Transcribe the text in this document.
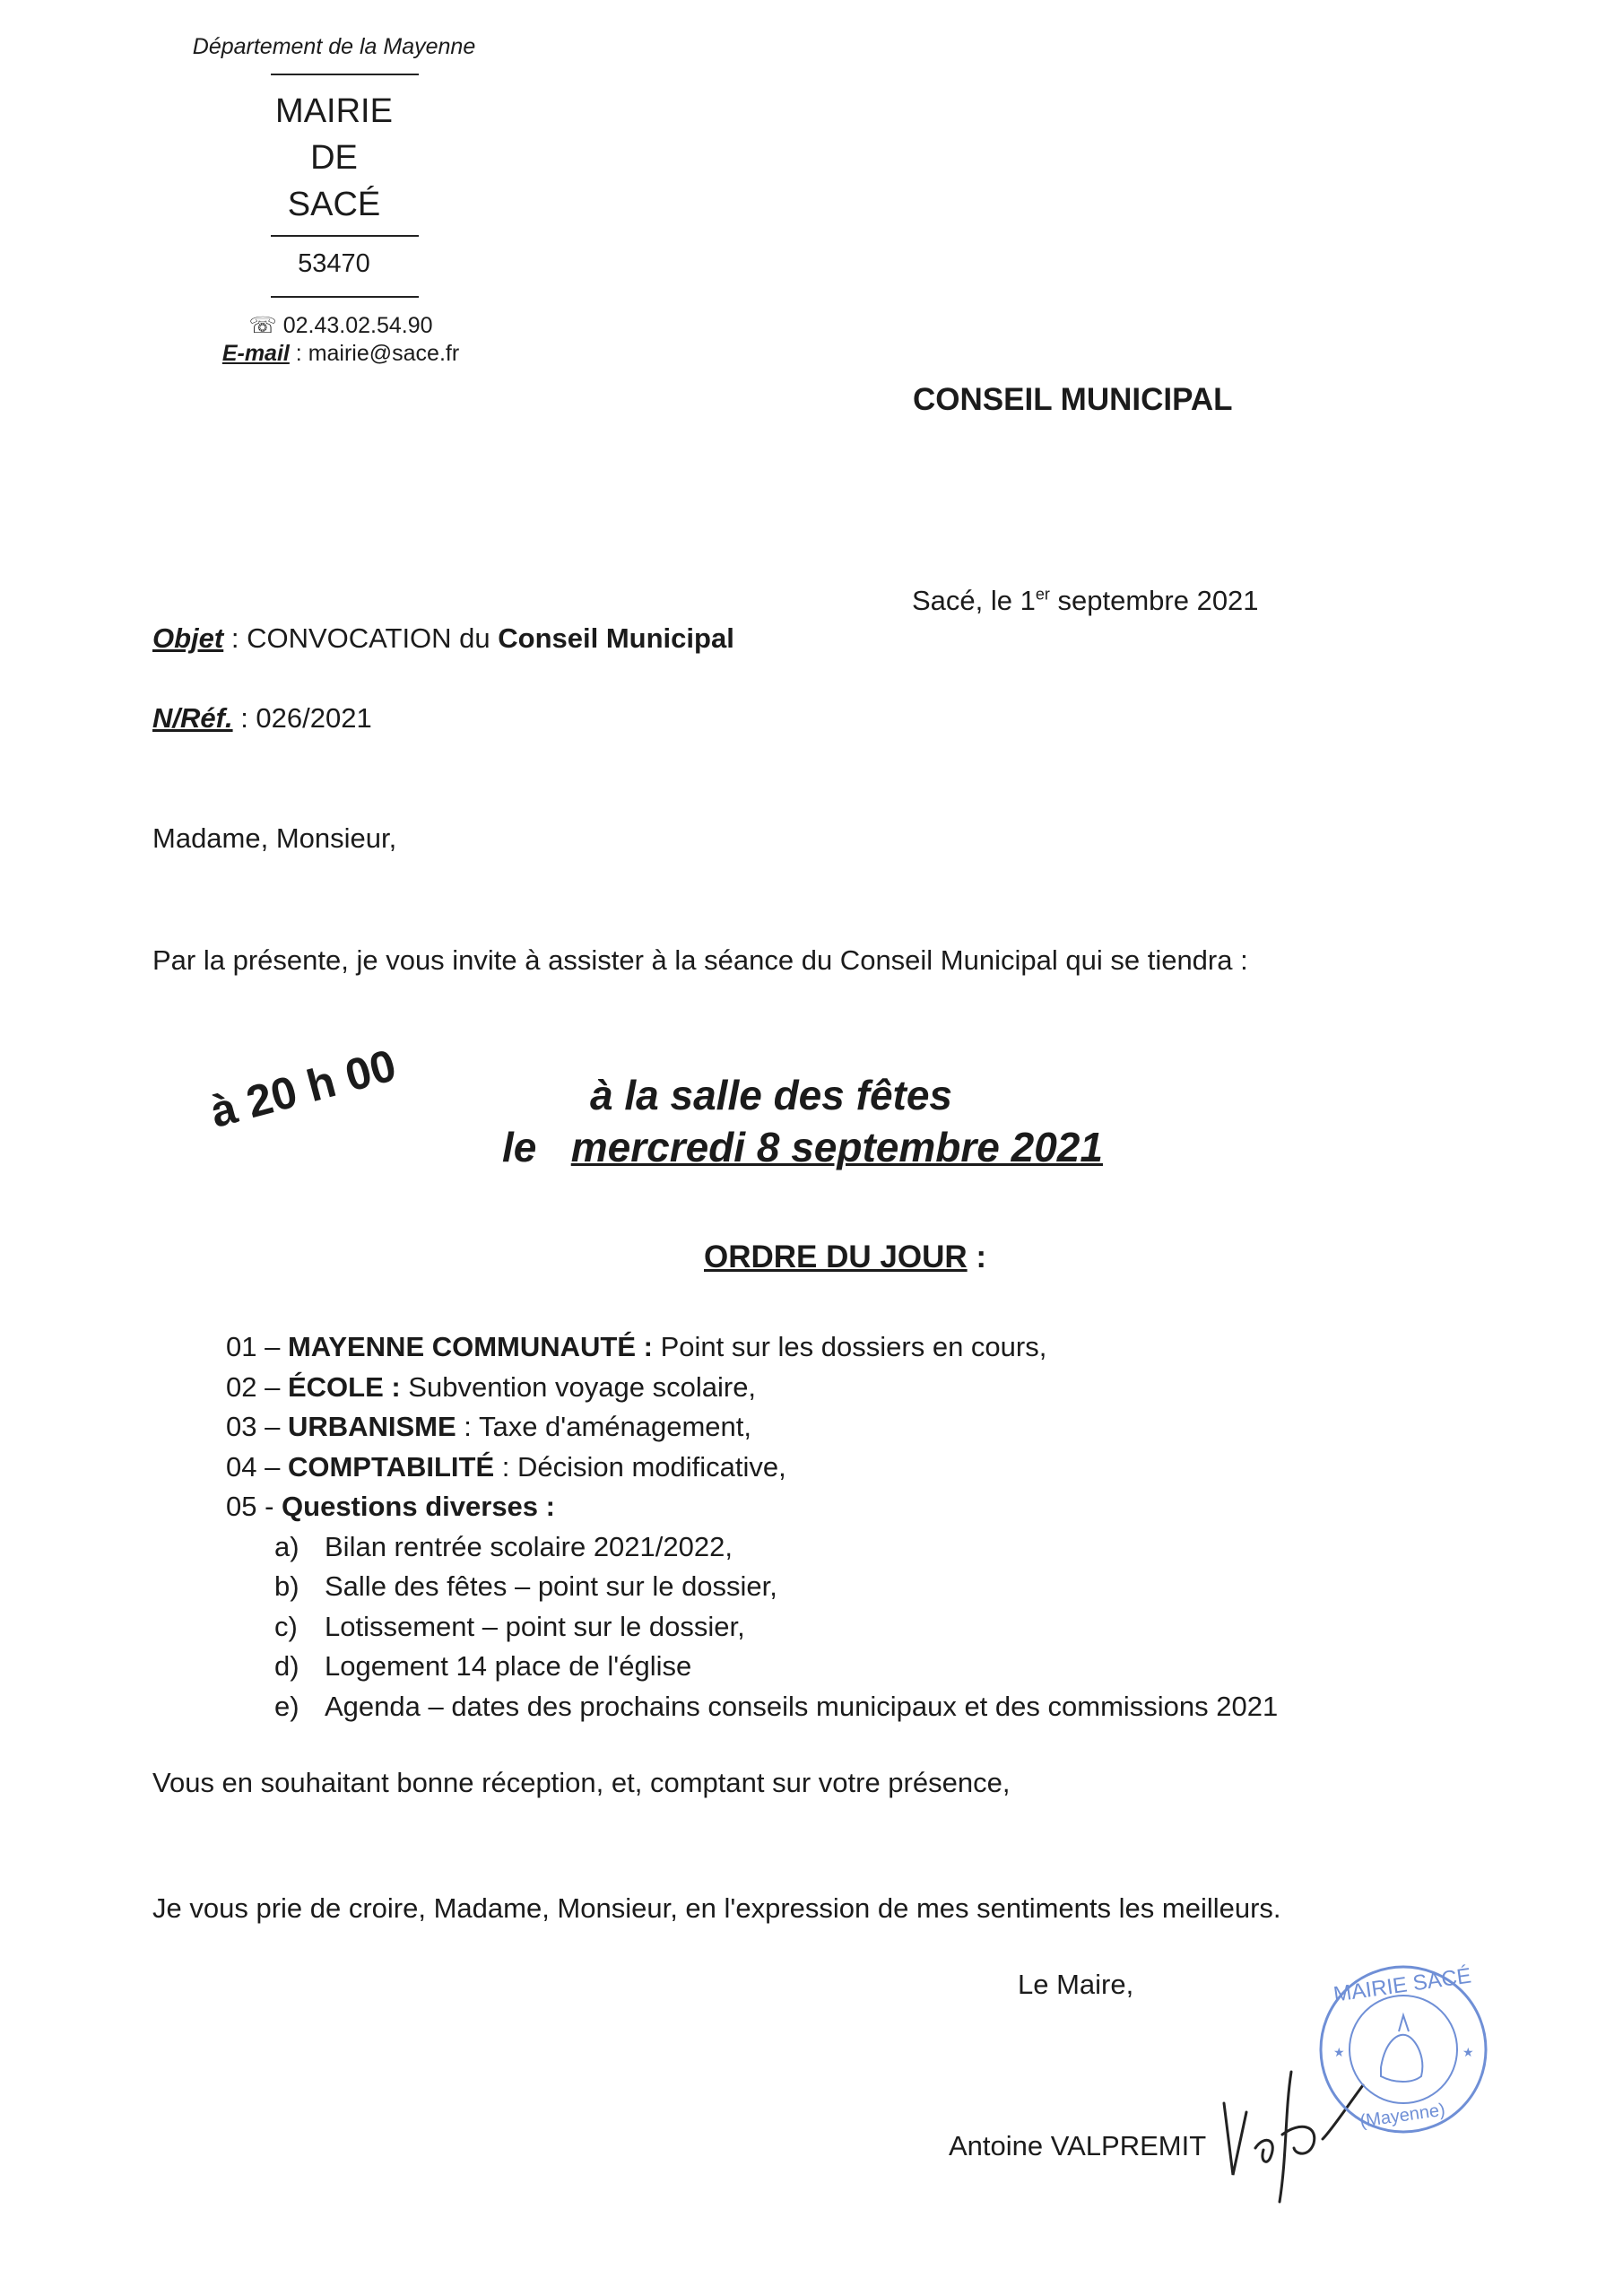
Département de la Mayenne
MAIRIE
DE
SACÉ
53470
☏ 02.43.02.54.90
E-mail : mairie@sace.fr
CONSEIL MUNICIPAL
Sacé, le 1er septembre 2021
Objet : CONVOCATION du Conseil Municipal
N/Réf. : 026/2021
Madame, Monsieur,
Par la présente, je vous invite à assister à la séance du Conseil Municipal qui se tiendra :
à 20 h 00	à la salle des fêtes
le mercredi 8 septembre 2021
ORDRE DU JOUR :
01 – MAYENNE COMMUNAUTÉ : Point sur les dossiers en cours,
02 – ÉCOLE : Subvention voyage scolaire,
03 – URBANISME : Taxe d'aménagement,
04 – COMPTABILITÉ : Décision modificative,
05 - Questions diverses :
a) Bilan rentrée scolaire 2021/2022,
b) Salle des fêtes – point sur le dossier,
c) Lotissement – point sur le dossier,
d) Logement 14 place de l'église
e) Agenda – dates des prochains conseils municipaux et des commissions 2021
Vous en souhaitant bonne réception, et, comptant sur votre présence,
Je vous prie de croire, Madame, Monsieur, en l'expression de mes sentiments les meilleurs.
Le Maire,
Antoine VALPREMIT
MAIRIE SACÉ
(Mayenne)
★	★
